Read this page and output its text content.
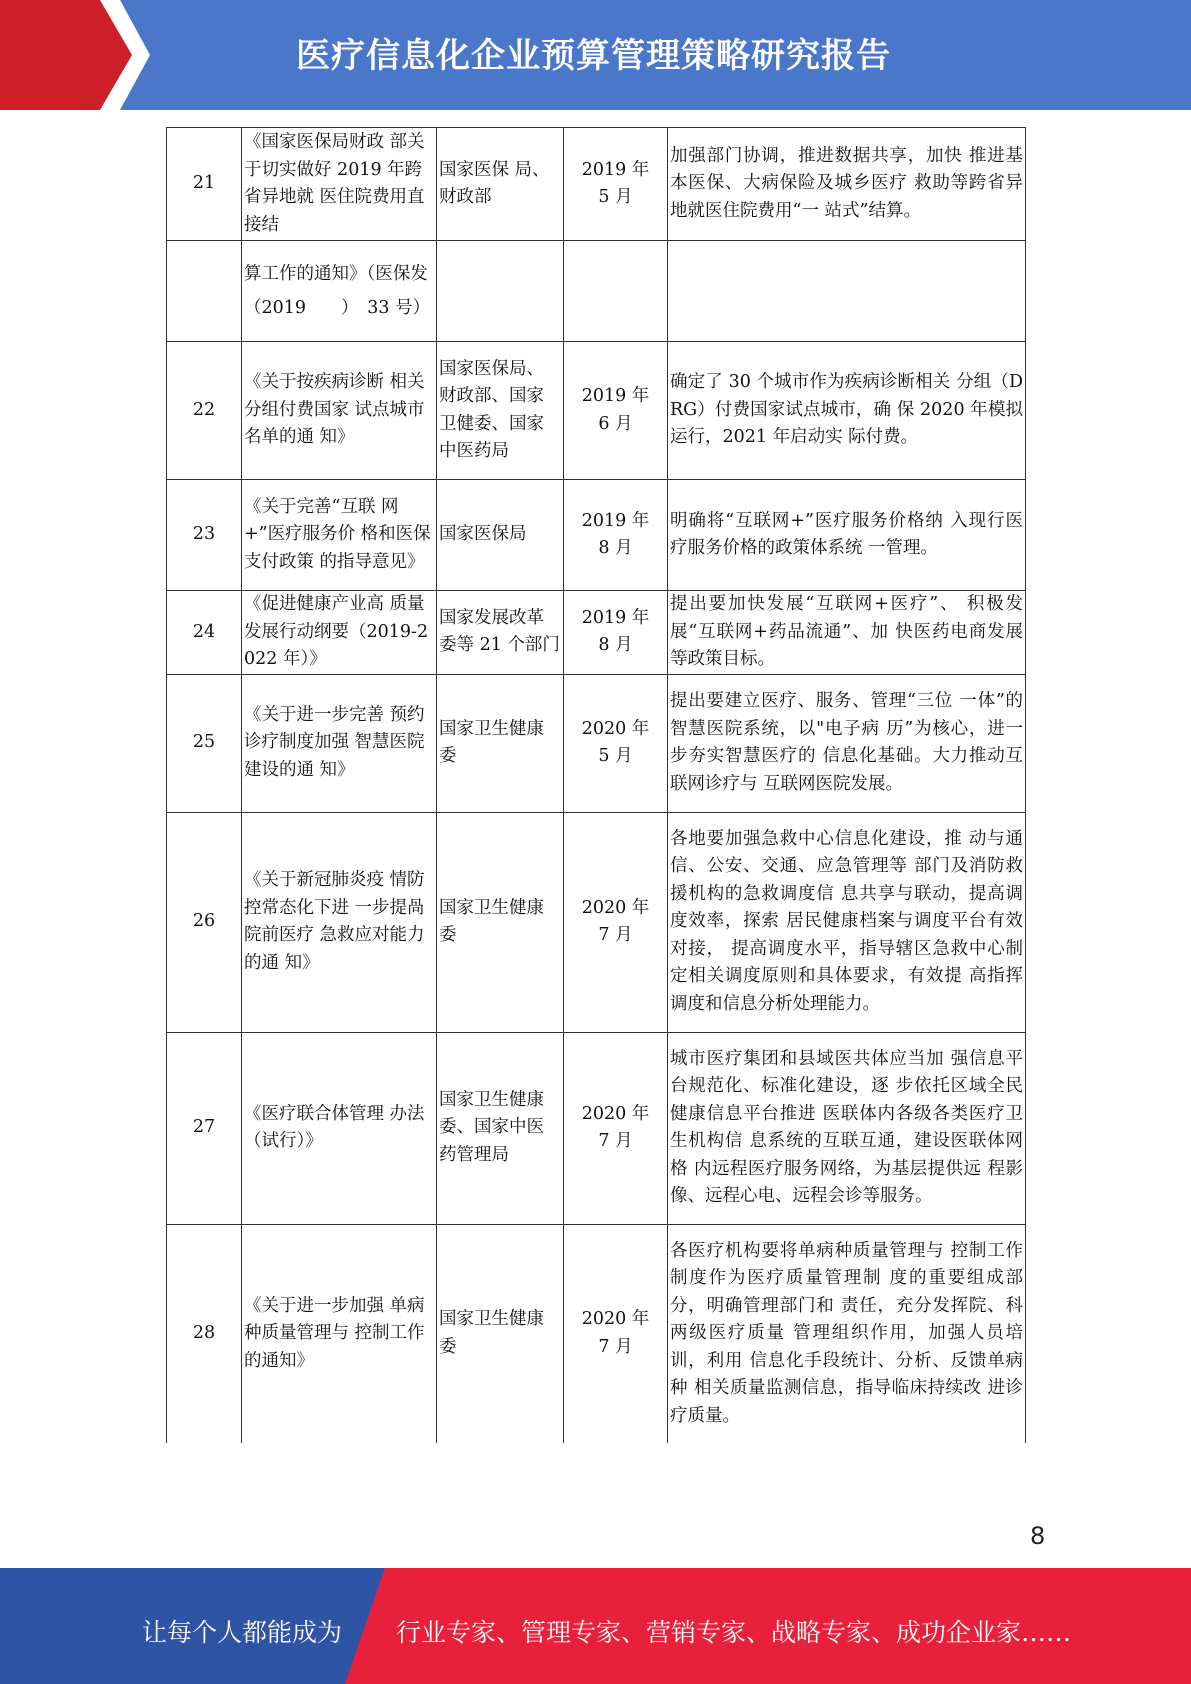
医疗信息化企业预算管理策略研究报告
21	《国家医保局财政 部关于切实做好 2019 年跨省异地就 医住院费用直接结	国家医保 局、财政部	2019 年 5 月	加强部门协调，推进数据共享，加快 推进基本医保、大病保险及城乡医疗 救助等跨省异地就医住院费用“一 站式”结算。
	算工作的通知》（医保发（2019　　）　33 号）			
22	《关于按疾病诊断 相关分组付费国家 试点城市名单的通 知》	国家医保局、财政部、国家卫健委、国家中医药局	2019 年 6 月	确定了 30 个城市作为疾病诊断相关 分组（DRG）付费国家试点城市，确 保 2020 年模拟运行，2021 年启动实 际付费。
23	《关于完善“互联 网+”医疗服务价 格和医保支付政策 的指导意见》	国家医保局	2019 年 8 月	明确将“互联网+”医疗服务价格纳 入现行医疗服务价格的政策体系统 一管理。
24	《促进健康产业高 质量发展行动纲要（2019-2022 年）》	国家发展改革委等 21 个部门	2019 年 8 月	提出要加快发展“互联网+医疗”、 积极发展“互联网+药品流通”、加 快医药电商发展等政策目标。
25	《关于进一步完善 预约诊疗制度加强 智慧医院建设的通 知》	国家卫生健康委	2020 年 5 月	提出要建立医疗、服务、管理“三位 一体”的智慧医院系统，以"电子病 历”为核心，进一步夯实智慧医疗的 信息化基础。大力推动互联网诊疗与 互联网医院发展。
26	《关于新冠肺炎疫 情防控常态化下进 一步提咼院前医疗 急救应对能力的通 知》	国家卫生健康委	2020 年 7 月	各地要加强急救中心信息化建设，推 动与通信、公安、交通、应急管理等 部门及消防救援机构的急救调度信 息共享与联动，提高调度效率，探索 居民健康档案与调度平台有效对接， 提高调度水平，指导辖区急救中心制 定相关调度原则和具体要求，有效提 高指挥调度和信息分析处理能力。
27	《医疗联合体管理 办法（试行）》	国家卫生健康委、国家中医药管理局	2020 年 7 月	城市医疗集团和县域医共体应当加 强信息平台规范化、标准化建设，逐 步依托区域全民健康信息平台推进 医联体内各级各类医疗卫生机构信 息系统的互联互通，建设医联体网格 内远程医疗服务网络，为基层提供远 程影像、远程心电、远程会诊等服务。
28	《关于进一步加强 单病种质量管理与 控制工作的通知》	国家卫生健康委	2020 年 7 月	各医疗机构要将单病种质量管理与 控制工作制度作为医疗质量管理制 度的重要组成部分，明确管理部门和 责任，充分发挥院、科两级医疗质量 管理组织作用，加强人员培训，利用 信息化手段统计、分析、反馈单病种 相关质量监测信息，指导临床持续改 进诊疗质量。
8
让每个人都能成为 行业专家、管理专家、营销专家、战略专家、成功企业家……
